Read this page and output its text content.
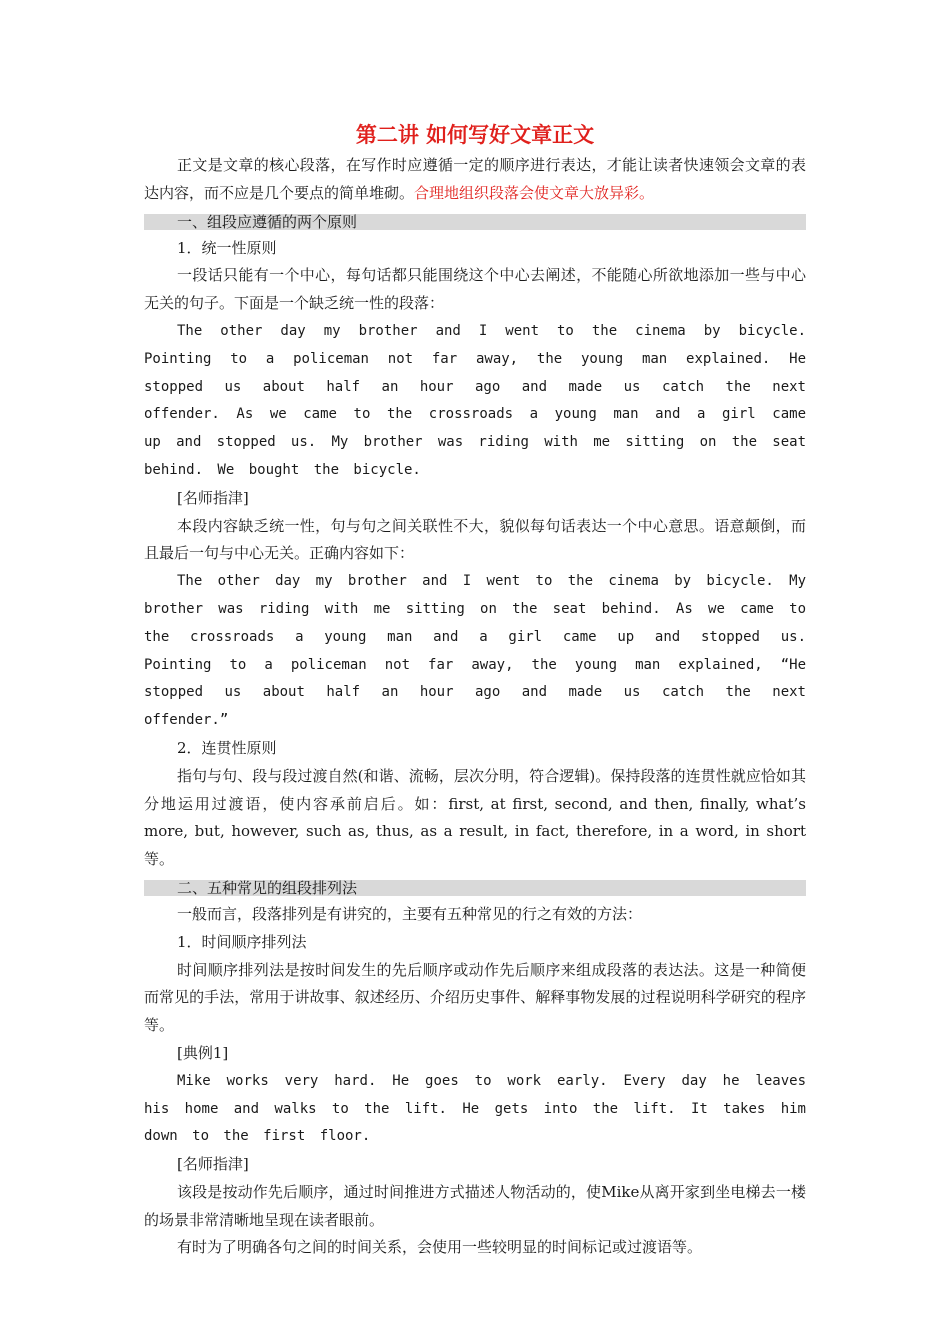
第二讲 如何写好文章正文

正文是文章的核心段落，在写作时应遵循一定的顺序进行表达，才能让读者快速领会文章的表达内容，而不应是几个要点的简单堆砌。合理地组织段落会使文章大放异彩。

一、组段应遵循的两个原则

1．统一性原则

一段话只能有一个中心，每句话都只能围绕这个中心去阐述，不能随心所欲地添加一些与中心无关的句子。下面是一个缺乏统一性的段落：

The other day my brother and I went to the cinema by bicycle. Pointing to a policeman not far away, the young man explained. He stopped us about half an hour ago and made us catch the next offender. As we came to the crossroads a young man and a girl came up and stopped us. My brother was riding with me sitting on the seat behind. We bought the bicycle.

[名师指津]

本段内容缺乏统一性，句与句之间关联性不大，貌似每句话表达一个中心意思。语意颠倒，而且最后一句与中心无关。正确内容如下：

The other day my brother and I went to the cinema by bicycle. My brother was riding with me sitting on the seat behind. As we came to the crossroads a young man and a girl came up and stopped us. Pointing to a policeman not far away, the young man explained, “He stopped us about half an hour ago and made us catch the next offender.”

2．连贯性原则

指句与句、段与段过渡自然(和谐、流畅，层次分明，符合逻辑)。保持段落的连贯性就应恰如其分地运用过渡语，使内容承前启后。如：first, at first, second, and then, finally, what’s more, but, however, such as, thus, as a result, in fact, therefore, in a word, in short等。

二、五种常见的组段排列法

一般而言，段落排列是有讲究的，主要有五种常见的行之有效的方法：

1．时间顺序排列法

时间顺序排列法是按时间发生的先后顺序或动作先后顺序来组成段落的表达法。这是一种简便而常见的手法，常用于讲故事、叙述经历、介绍历史事件、解释事物发展的过程说明科学研究的程序等。

[典例1]

Mike works very hard. He goes to work early. Every day he leaves his home and walks to the lift. He gets into the lift. It takes him down to the first floor.

[名师指津]

该段是按动作先后顺序，通过时间推进方式描述人物活动的，使Mike从离开家到坐电梯去一楼的场景非常清晰地呈现在读者眼前。

有时为了明确各句之间的时间关系，会使用一些较明显的时间标记或过渡语等。
